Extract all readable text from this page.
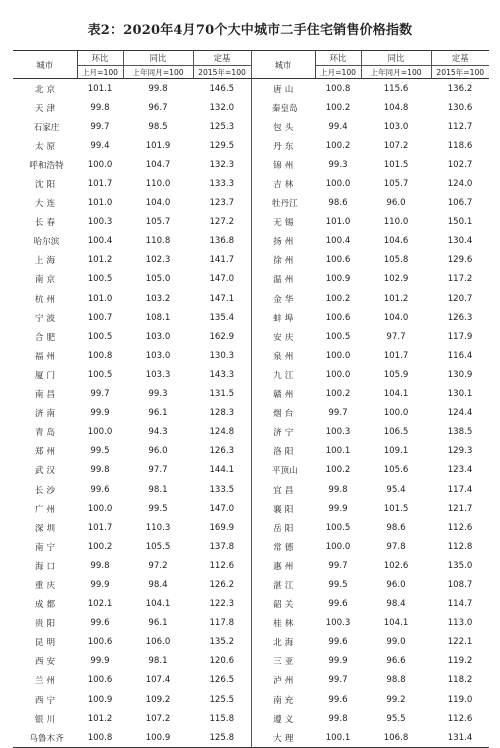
表2：2020年4月70个大中城市二手住宅销售价格指数
城市	环比	同比	定基	城市	环比	同比	定基
	上月=100	上年同月=100	2015年=100		上月=100	上年同月=100	2015年=100
北京	101.1	99.8	146.5	唐山	100.8	115.6	136.2
天津	99.8	96.7	132.0	秦皇岛	100.2	104.8	130.6
石家庄	99.7	98.5	125.3	包头	99.4	103.0	112.7
太原	99.4	101.9	129.5	丹东	100.2	107.2	118.6
呼和浩特	100.0	104.7	132.3	锦州	99.3	101.5	102.7
沈阳	101.7	110.0	133.3	吉林	100.0	105.7	124.0
大连	101.0	104.0	123.7	牡丹江	98.6	96.0	106.7
长春	100.3	105.7	127.2	无锡	101.0	110.0	150.1
哈尔滨	100.4	110.8	136.8	扬州	100.4	104.6	130.4
上海	101.2	102.3	141.7	徐州	100.6	105.8	129.6
南京	100.5	105.0	147.0	温州	100.9	102.9	117.2
杭州	101.0	103.2	147.1	金华	100.2	101.2	120.7
宁波	100.7	108.1	135.4	蚌埠	100.6	104.0	126.3
合肥	100.5	103.0	162.9	安庆	100.5	97.7	117.9
福州	100.8	103.0	130.3	泉州	100.0	101.7	116.4
厦门	100.5	103.3	143.3	九江	100.0	105.9	130.9
南昌	99.7	99.3	131.5	赣州	100.2	104.1	130.1
济南	99.9	96.1	128.3	烟台	99.7	100.0	124.4
青岛	100.0	94.3	124.8	济宁	100.3	106.5	138.5
郑州	99.5	96.0	126.3	洛阳	100.1	109.1	129.3
武汉	99.8	97.7	144.1	平顶山	100.2	105.6	123.4
长沙	99.6	98.1	133.5	宜昌	99.8	95.4	117.4
广州	100.0	99.5	147.0	襄阳	99.9	101.5	121.7
深圳	101.7	110.3	169.9	岳阳	100.5	98.6	112.6
南宁	100.2	105.5	137.8	常德	100.0	97.8	112.8
海口	99.8	97.2	112.6	惠州	99.7	102.6	135.0
重庆	99.9	98.4	126.2	湛江	99.5	96.0	108.7
成都	102.1	104.1	122.3	韶关	99.6	98.4	114.7
贵阳	99.6	96.1	117.8	桂林	100.3	104.1	113.0
昆明	100.6	106.0	135.2	北海	99.6	99.0	122.1
西安	99.9	98.1	120.6	三亚	99.9	96.6	119.2
兰州	100.6	107.4	126.5	泸州	99.7	98.8	118.2
西宁	100.9	109.2	125.5	南充	99.6	99.2	119.0
银川	101.2	107.2	115.8	遵义	99.8	95.5	112.6
乌鲁木齐	100.8	100.9	125.8	大理	100.1	106.8	131.4
